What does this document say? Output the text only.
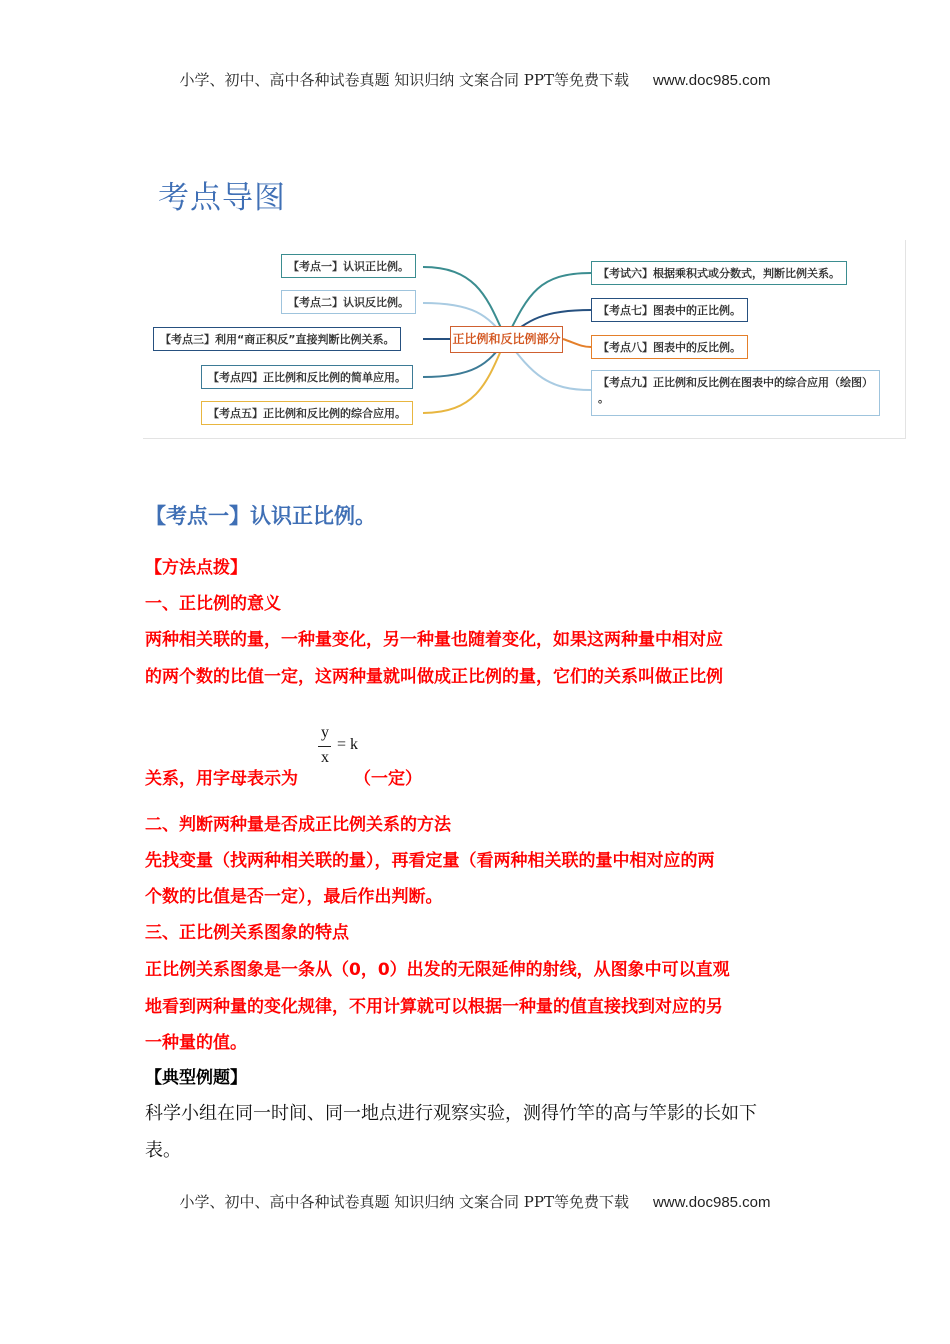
小学、初中、高中各种试卷真题 知识归纳 文案合同 PPT等免费下载 www.doc985.com
考点导图
正比例和反比例部分
【考点一】认识正比例。
【考点二】认识反比例。
【考点三】利用“商正积反”直接判断比例关系。
【考点四】正比例和反比例的简单应用。
【考点五】正比例和反比例的综合应用。
【考试六】根据乘积式或分数式，判断比例关系。
【考点七】图表中的正比例。
【考点八】图表中的反比例。
【考点九】正比例和反比例在图表中的综合应用（绘图）
。
【考点一】认识正比例。
【方法点拨】
一、正比例的意义
两种相关联的量，一种量变化，另一种量也随着变化，如果这两种量中相对应
的两个数的比值一定，这两种量就叫做成正比例的量，它们的关系叫做正比例
y
x
= k
关系，用字母表示为	（一定）
二、判断两种量是否成正比例关系的方法
先找变量（找两种相关联的量），再看定量（看两种相关联的量中相对应的两
个数的比值是否一定），最后作出判断。
三、正比例关系图象的特点
正比例关系图象是一条从（0，0）出发的无限延伸的射线，从图象中可以直观
地看到两种量的变化规律，不用计算就可以根据一种量的值直接找到对应的另
一种量的值。
【典型例题】
科学小组在同一时间、同一地点进行观察实验，测得竹竿的高与竿影的长如下
表。
小学、初中、高中各种试卷真题 知识归纳 文案合同 PPT等免费下载 www.doc985.com
